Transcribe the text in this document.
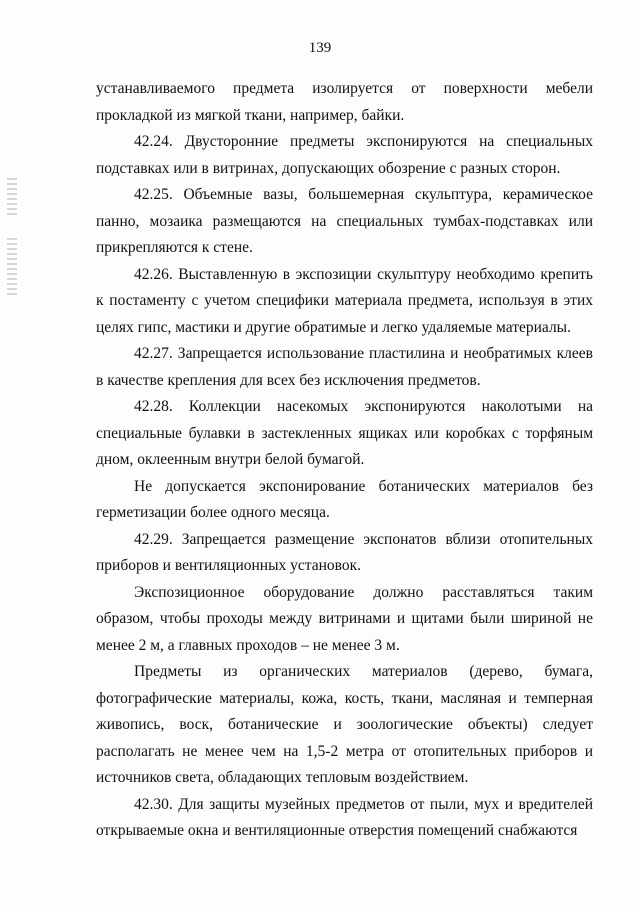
139

устанавливаемого предмета изолируется от поверхности мебели прокладкой из мягкой ткани, например, байки.

42.24. Двусторонние предметы экспонируются на специальных подставках или в витринах, допускающих обозрение с разных сторон.

42.25. Объемные вазы, большемерная скульптура, керамическое панно, мозаика размещаются на специальных тумбах-подставках или прикрепляются к стене.

42.26. Выставленную в экспозиции скульптуру необходимо крепить к постаменту с учетом специфики материала предмета, используя в этих целях гипс, мастики и другие обратимые и легко удаляемые материалы.

42.27. Запрещается использование пластилина и необратимых клеев в качестве крепления для всех без исключения предметов.

42.28. Коллекции насекомых экспонируются наколотыми на специальные булавки в застекленных ящиках или коробках с торфяным дном, оклеенным внутри белой бумагой.

Не допускается экспонирование ботанических материалов без герметизации более одного месяца.

42.29. Запрещается размещение экспонатов вблизи отопительных приборов и вентиляционных установок.

Экспозиционное оборудование должно расставляться таким образом, чтобы проходы между витринами и щитами были шириной не менее 2 м, а главных проходов – не менее 3 м.

Предметы из органических материалов (дерево, бумага, фотографические материалы, кожа, кость, ткани, масляная и темперная живопись, воск, ботанические и зоологические объекты) следует располагать не менее чем на 1,5-2 метра от отопительных приборов и источников света, обладающих тепловым воздействием.

42.30. Для защиты музейных предметов от пыли, мух и вредителей открываемые окна и вентиляционные отверстия помещений снабжаются
